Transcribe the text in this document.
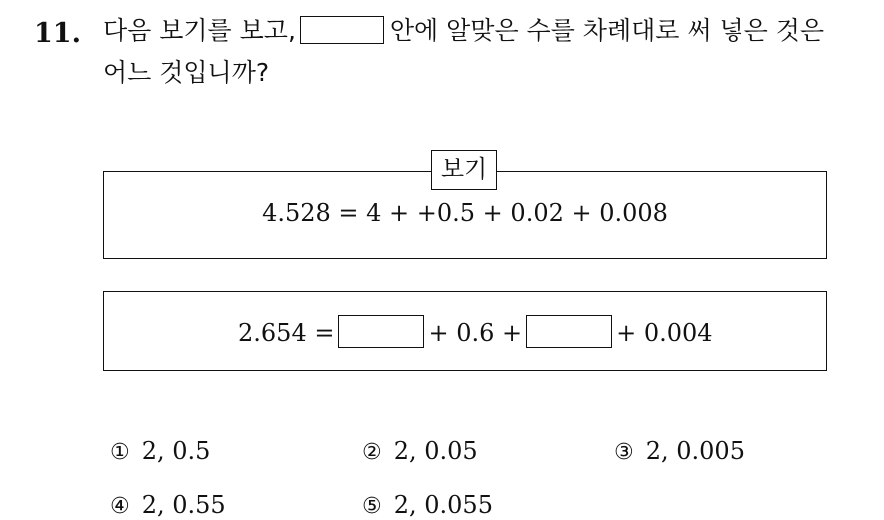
11. 다음 보기를 보고,	안에 알맞은 수를 차례대로 써 넣은 것은
어느 것입니까?
보기
4.528 = 4 + +0.5 + 0.02 + 0.008
2.654 =	+ 0.6 +	+ 0.004
① 2, 0.5	② 2, 0.05	③ 2, 0.005
④ 2, 0.55	⑤ 2, 0.055
